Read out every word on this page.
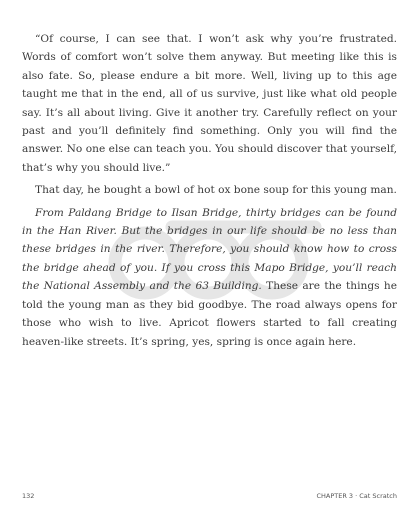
“Of course, I can see that. I won’t ask why you’re frustrated. Words of comfort won’t solve them anyway. But meeting like this is also fate. So, please endure a bit more. Well, living up to this age taught me that in the end, all of us survive, just like what old people say. It’s all about living. Give it another try. Carefully reflect on your past and you’ll definitely find something. Only you will find the answer. No one else can teach you. You should discover that yourself, that’s why you should live.”

That day, he bought a bowl of hot ox bone soup for this young man.

From Paldang Bridge to Ilsan Bridge, thirty bridges can be found in the Han River. But the bridges in our life should be no less than these bridges in the river. Therefore, you should know how to cross the bridge ahead of you. If you cross this Mapo Bridge, you’ll reach the National Assembly and the 63 Building. These are the things he told the young man as they bid goodbye. The road always opens for those who wish to live. Apricot flowers started to fall creating heaven-like streets. It’s spring, yes, spring is once again here.

132	CHAPTER 3 · Cat Scratch
